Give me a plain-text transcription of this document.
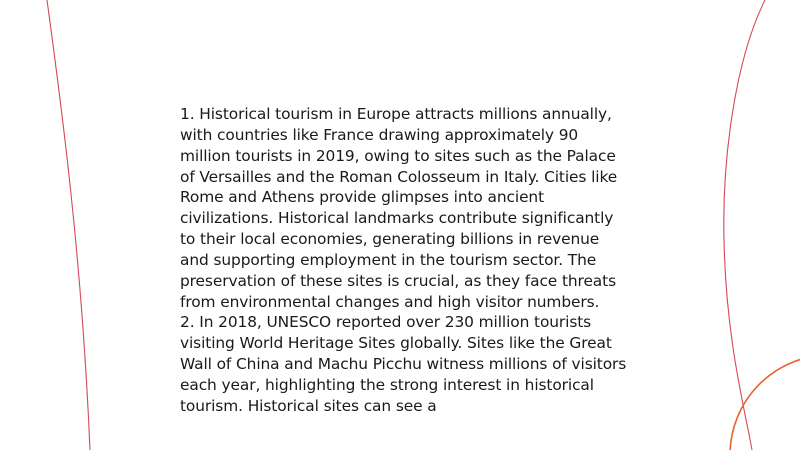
1. Historical tourism in Europe attracts millions annually, with countries like France drawing approximately 90 million tourists in 2019, owing to sites such as the Palace of Versailles and the Roman Colosseum in Italy. Cities like Rome and Athens provide glimpses into ancient civilizations. Historical landmarks contribute significantly to their local economies, generating billions in revenue and supporting employment in the tourism sector. The preservation of these sites is crucial, as they face threats from environmental changes and high visitor numbers.

2. In 2018, UNESCO reported over 230 million tourists visiting World Heritage Sites globally. Sites like the Great Wall of China and Machu Picchu witness millions of visitors each year, highlighting the strong interest in historical tourism. Historical sites can see a
